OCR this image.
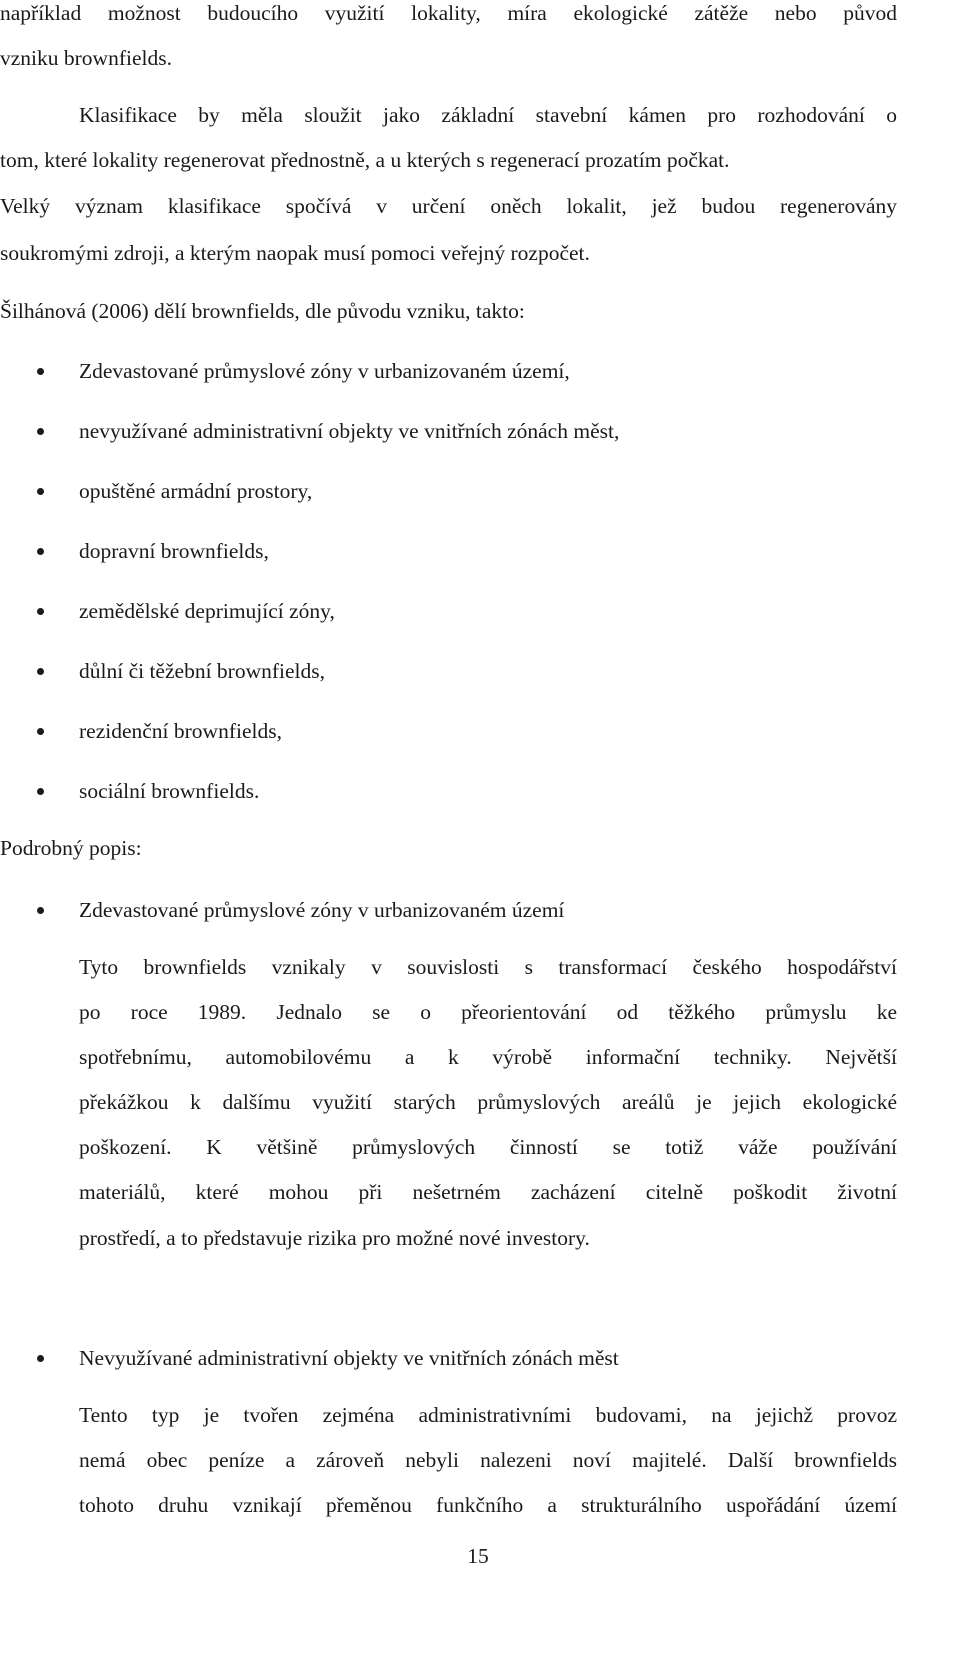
například možnost budoucího využití lokality, míra ekologické zátěže nebo původ
vzniku brownfields.
Klasifikace by měla sloužit jako základní stavební kámen pro rozhodování o
tom, které lokality regenerovat přednostně, a u kterých s regenerací prozatím počkat.
Velký význam klasifikace spočívá v určení oněch lokalit, jež budou regenerovány
soukromými zdroji, a kterým naopak musí pomoci veřejný rozpočet.
Šilhánová (2006) dělí brownfields, dle původu vzniku, takto:
Zdevastované průmyslové zóny v urbanizovaném území,
nevyužívané administrativní objekty ve vnitřních zónách měst,
opuštěné armádní prostory,
dopravní brownfields,
zemědělské deprimující zóny,
důlní či těžební brownfields,
rezidenční brownfields,
sociální brownfields.
Podrobný popis:
Zdevastované průmyslové zóny v urbanizovaném území
Tyto brownfields vznikaly v souvislosti s transformací českého hospodářství
po roce 1989. Jednalo se o přeorientování od těžkého průmyslu ke
spotřebnímu, automobilovému a k výrobě informační techniky. Největší
překážkou k dalšímu využití starých průmyslových areálů je jejich ekologické
poškození. K většině průmyslových činností se totiž váže používání
materiálů, které mohou při nešetrném zacházení citelně poškodit životní
prostředí, a to představuje rizika pro možné nové investory.
Nevyužívané administrativní objekty ve vnitřních zónách měst
Tento typ je tvořen zejména administrativními budovami, na jejichž provoz
nemá obec peníze a zároveň nebyli nalezeni noví majitelé. Další brownfields
tohoto druhu vznikají přeměnou funkčního a strukturálního uspořádání území
15
